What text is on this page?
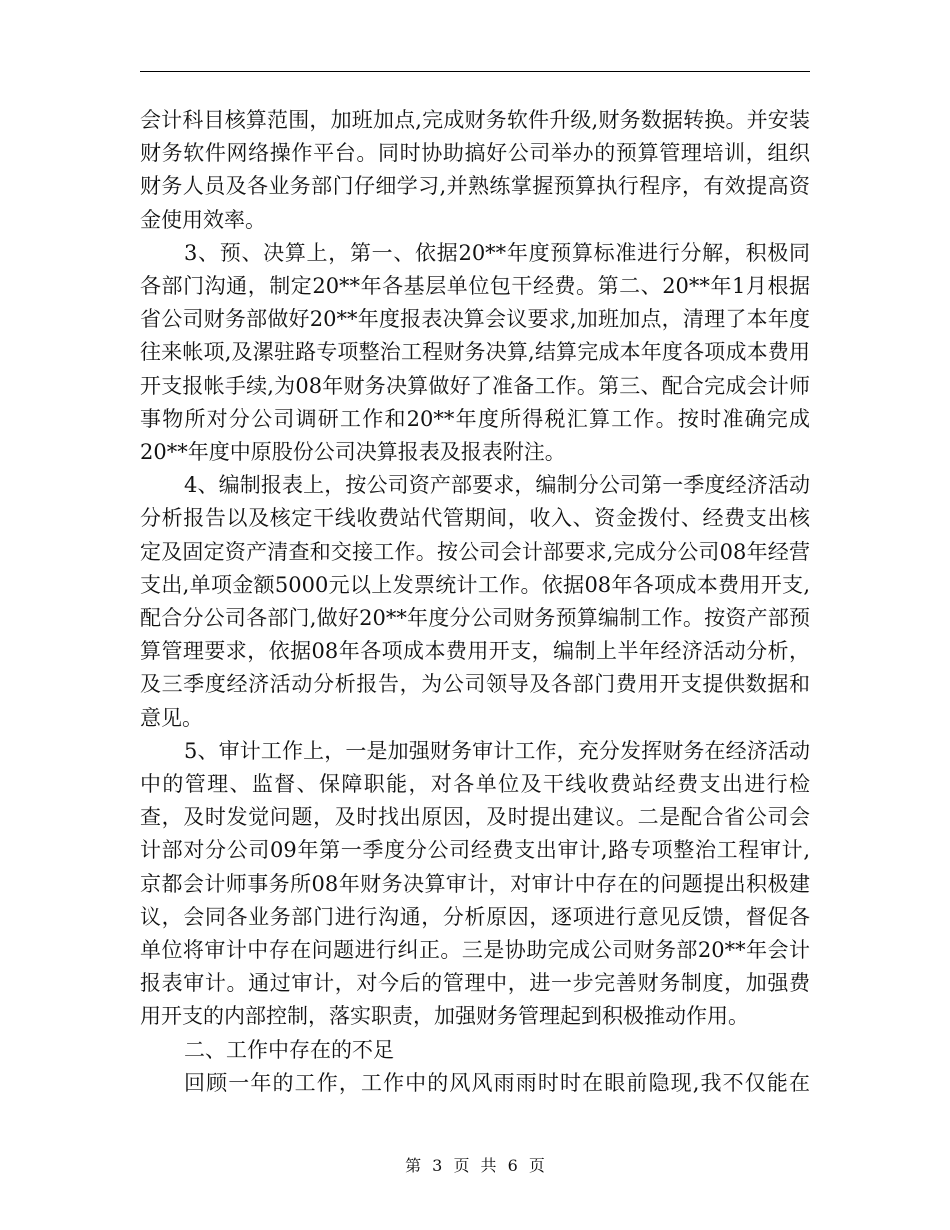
会计科目核算范围，加班加点,完成财务软件升级,财务数据转换。并安装财务软件网络操作平台。同时协助搞好公司举办的预算管理培训，组织财务人员及各业务部门仔细学习,并熟练掌握预算执行程序，有效提高资金使用效率。

3、预、决算上，第一、依据20**年度预算标准进行分解，积极同各部门沟通，制定20**年各基层单位包干经费。第二、20**年1月根据省公司财务部做好20**年度报表决算会议要求,加班加点，清理了本年度往来帐项,及漯驻路专项整治工程财务决算,结算完成本年度各项成本费用开支报帐手续,为08年财务决算做好了准备工作。第三、配合完成会计师事物所对分公司调研工作和20**年度所得税汇算工作。按时准确完成20**年度中原股份公司决算报表及报表附注。

4、编制报表上，按公司资产部要求，编制分公司第一季度经济活动分析报告以及核定干线收费站代管期间，收入、资金拨付、经费支出核定及固定资产清查和交接工作。按公司会计部要求,完成分公司08年经营支出,单项金额5000元以上发票统计工作。依据08年各项成本费用开支,配合分公司各部门,做好20**年度分公司财务预算编制工作。按资产部预算管理要求，依据08年各项成本费用开支，编制上半年经济活动分析，及三季度经济活动分析报告，为公司领导及各部门费用开支提供数据和意见。

5、审计工作上，一是加强财务审计工作，充分发挥财务在经济活动中的管理、监督、保障职能，对各单位及干线收费站经费支出进行检查，及时发觉问题，及时找出原因，及时提出建议。二是配合省公司会计部对分公司09年第一季度分公司经费支出审计,路专项整治工程审计,京都会计师事务所08年财务决算审计，对审计中存在的问题提出积极建议，会同各业务部门进行沟通，分析原因，逐项进行意见反馈，督促各单位将审计中存在问题进行纠正。三是协助完成公司财务部20**年会计报表审计。通过审计，对今后的管理中，进一步完善财务制度，加强费用开支的内部控制，落实职责，加强财务管理起到积极推动作用。

二、工作中存在的不足

回顾一年的工作，工作中的风风雨雨时时在眼前隐现,我不仅能在

第 3 页 共 6 页
